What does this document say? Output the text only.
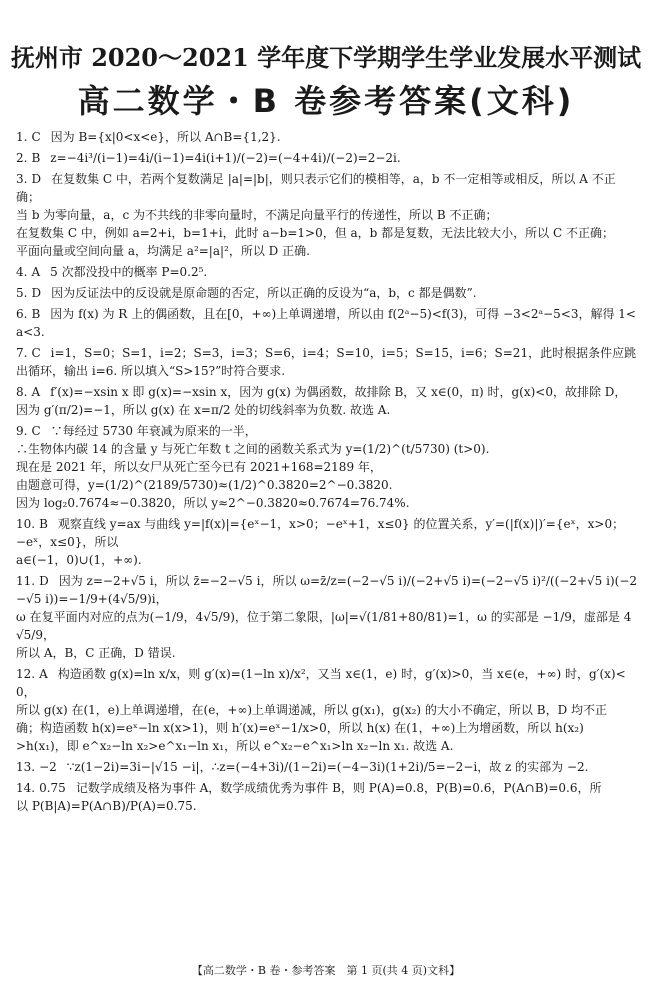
抚州市 2020～2021 学年度下学期学生学业发展水平测试
高二数学・B 卷参考答案(文科)
1. C 因为 B={x|0<x<e}，所以 A∩B={1,2}.
2. B z=−4i³/(i−1)=4i/(i−1)=4i(i+1)/(−2)=(−4+4i)/(−2)=2−2i.
3. D 在复数集 C 中，若两个复数满足 |a|=|b|，则只表示它们的模相等，a，b 不一定相等或相反，所以 A 不正确；
当 b 为零向量，a，c 为不共线的非零向量时，不满足向量平行的传递性，所以 B 不正确；
在复数集 C 中，例如 a=2+i，b=1+i，此时 a−b=1>0，但 a，b 都是复数，无法比较大小，所以 C 不正确；
平面向量或空间向量 a，均满足 a²=|a|²，所以 D 正确.
4. A 5 次都没投中的概率 P=0.2⁵.
5. D 因为反证法中的反设就是原命题的否定，所以正确的反设为“a，b，c 都是偶数”.
6. B 因为 f(x) 为 R 上的偶函数，且在[0，+∞)上单调递增，所以由 f(2ᵃ−5)<f(3)，可得 −3<2ᵃ−5<3，解得 1<a<3.
7. C i=1，S=0；S=1，i=2；S=3，i=3；S=6，i=4；S=10，i=5；S=15，i=6；S=21，此时根据条件应跳出循环，输出 i=6. 所以填入“S>15?”时符合要求.
8. A f′(x)=−xsin x 即 g(x)=−xsin x，因为 g(x) 为偶函数，故排除 B，又 x∈(0，π) 时，g(x)<0，故排除 D，
因为 g′(π/2)=−1，所以 g(x) 在 x=π/2 处的切线斜率为负数. 故选 A.
9. C ∵每经过 5730 年衰减为原来的一半，
∴生物体内碳 14 的含量 y 与死亡年数 t 之间的函数关系式为 y=(1/2)^(t/5730) (t>0).
现在是 2021 年，所以女尸从死亡至今已有 2021+168=2189 年，
由题意可得，y=(1/2)^(2189/5730)≈(1/2)^0.3820=2^−0.3820.
因为 log₂0.7674≈−0.3820，所以 y≈2^−0.3820≈0.7674=76.74%.
10. B 观察直线 y=ax 与曲线 y=|f(x)|={eˣ−1，x>0；−eˣ+1，x≤0} 的位置关系，y′=(|f(x)|)′={eˣ，x>0；−eˣ，x≤0}，所以
a∈(−1，0)∪(1，+∞).
11. D 因为 z=−2+√5 i，所以 z̄=−2−√5 i，所以 ω=z̄/z=(−2−√5 i)/(−2+√5 i)=(−2−√5 i)²/((−2+√5 i)(−2−√5 i))=−1/9+(4√5/9)i，
ω 在复平面内对应的点为(−1/9，4√5/9)，位于第二象限，|ω|=√(1/81+80/81)=1，ω 的实部是 −1/9，虚部是 4√5/9，
所以 A，B，C 正确，D 错误.
12. A 构造函数 g(x)=ln x/x，则 g′(x)=(1−ln x)/x²，又当 x∈(1，e) 时，g′(x)>0，当 x∈(e，+∞) 时，g′(x)<0，
所以 g(x) 在(1，e)上单调递增，在(e，+∞)上单调递减，所以 g(x₁)，g(x₂) 的大小不确定，所以 B，D 均不正
确；构造函数 h(x)=eˣ−ln x(x>1)，则 h′(x)=eˣ−1/x>0，所以 h(x) 在(1，+∞)上为增函数，所以 h(x₂)
>h(x₁)，即 e^x₂−ln x₂>e^x₁−ln x₁，所以 e^x₂−e^x₁>ln x₂−ln x₁. 故选 A.
13. −2 ∵z(1−2i)=3i−|√15 −i|，∴z=(−4+3i)/(1−2i)=(−4−3i)(1+2i)/5=−2−i，故 z 的实部为 −2.
14. 0.75 记数学成绩及格为事件 A，数学成绩优秀为事件 B，则 P(A)=0.8，P(B)=0.6，P(A∩B)=0.6，所
以 P(B|A)=P(A∩B)/P(A)=0.75.
【高二数学・B 卷・参考答案　第 1 页(共 4 页)文科】
